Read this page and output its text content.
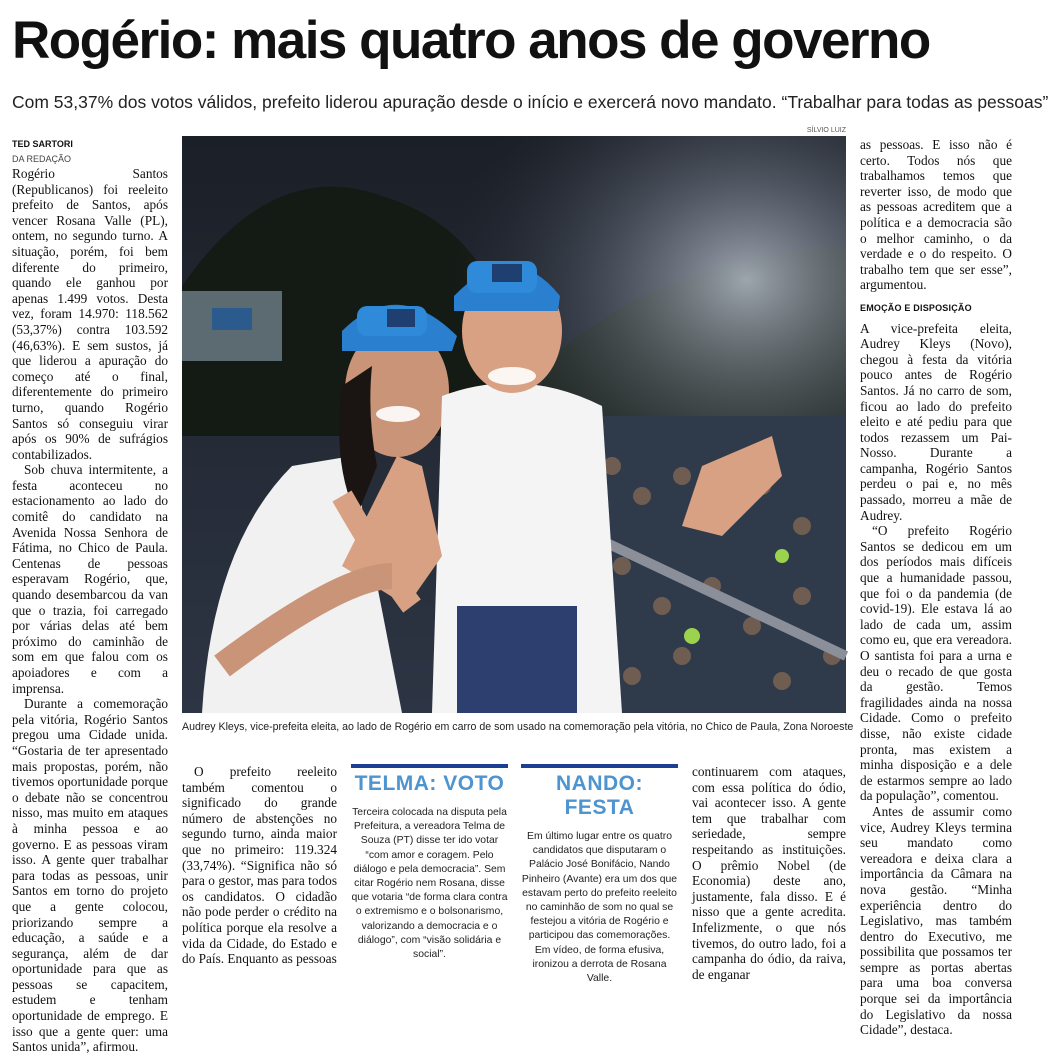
Rogério: mais quatro anos de governo
Com 53,37% dos votos válidos, prefeito liderou apuração desde o início e exercerá novo mandato. “Trabalhar para todas as pessoas”
TED SARTORI
DA REDAÇÃO

Rogério Santos (Republicanos) foi reeleito prefeito de Santos, após vencer Rosana Valle (PL), ontem, no segundo turno. A situação, porém, foi bem diferente do primeiro, quando ele ganhou por apenas 1.499 votos. Desta vez, foram 14.970: 118.562 (53,37%) contra 103.592 (46,63%). E sem sustos, já que liderou a apuração do começo até o final, diferentemente do primeiro turno, quando Rogério Santos só conseguiu virar após os 90% de sufrágios contabilizados.

Sob chuva intermitente, a festa aconteceu no estacionamento ao lado do comitê do candidato na Avenida Nossa Senhora de Fátima, no Chico de Paula. Centenas de pessoas esperavam Rogério, que, quando desembarcou da van que o trazia, foi carregado por várias delas até bem próximo do caminhão de som em que falou com os apoiadores e com a imprensa.

Durante a comemoração pela vitória, Rogério Santos pregou uma Cidade unida. “Gostaria de ter apresentado mais propostas, porém, não tivemos oportunidade porque o debate não se concentrou nisso, mas muito em ataques à minha pessoa e ao governo. E as pessoas viram isso. A gente quer trabalhar para todas as pessoas, unir Santos em torno do projeto que a gente colocou, priorizando sempre a educação, a saúde e a segurança, além de dar oportunidade para que as pessoas se capacitem, estudem e tenham oportunidade de emprego. E isso que a gente quer: uma Santos unida”, afirmou.

SÍLVIO LUIZ
Audrey Kleys, vice-prefeita eleita, ao lado de Rogério em carro de som usado na comemoração pela vitória, no Chico de Paula, Zona Noroeste

O prefeito reeleito também comentou o significado do grande número de abstenções no segundo turno, ainda maior que no primeiro: 119.324 (33,74%). “Significa não só para o gestor, mas para todos os candidatos. O cidadão não pode perder o crédito na política porque ela resolve a vida da Cidade, do Estado e do País. Enquanto as pessoas

TELMA: VOTO

Terceira colocada na disputa pela Prefeitura, a vereadora Telma de Souza (PT) disse ter ido votar “com amor e coragem. Pelo diálogo e pela democracia”. Sem citar Rogério nem Rosana, disse que votaria “de forma clara contra o extremismo e o bolsonarismo, valorizando a democracia e o diálogo”, com “visão solidária e social”.

NANDO: FESTA

Em último lugar entre os quatro candidatos que disputaram o Palácio José Bonifácio, Nando Pinheiro (Avante) era um dos que estavam perto do prefeito reeleito no caminhão de som no qual se festejou a vitória de Rogério e participou das comemorações. Em vídeo, de forma efusiva, ironizou a derrota de Rosana Valle.

continuarem com ataques, com essa política do ódio, vai acontecer isso. A gente tem que trabalhar com seriedade, sempre respeitando as instituições. O prêmio Nobel (de Economia) deste ano, justamente, fala disso. E é nisso que a gente acredita. Infelizmente, o que nós tivemos, do outro lado, foi a campanha do ódio, da raiva, de enganar

as pessoas. E isso não é certo. Todos nós que trabalhamos temos que reverter isso, de modo que as pessoas acreditem que a política e a democracia são o melhor caminho, o da verdade e o do respeito. O trabalho tem que ser esse”, argumentou.

EMOÇÃO E DISPOSIÇÃO

A vice-prefeita eleita, Audrey Kleys (Novo), chegou à festa da vitória pouco antes de Rogério Santos. Já no carro de som, ficou ao lado do prefeito eleito e até pediu para que todos rezassem um Pai-Nosso. Durante a campanha, Rogério Santos perdeu o pai e, no mês passado, morreu a mãe de Audrey.

“O prefeito Rogério Santos se dedicou em um dos períodos mais difíceis que a humanidade passou, que foi o da pandemia (de covid-19). Ele estava lá ao lado de cada um, assim como eu, que era vereadora. O santista foi para a urna e deu o recado de que gosta da gestão. Temos fragilidades ainda na nossa Cidade. Como o prefeito disse, não existe cidade pronta, mas existem a minha disposição e a dele de estarmos sempre ao lado da população”, comentou.

Antes de assumir como vice, Audrey Kleys termina seu mandato como vereadora e deixa clara a importância da Câmara na nova gestão. “Minha experiência dentro do Legislativo, mas também dentro do Executivo, me possibilita que possamos ter sempre as portas abertas para uma boa conversa porque sei da importância do Legislativo da nossa Cidade”, destaca.
